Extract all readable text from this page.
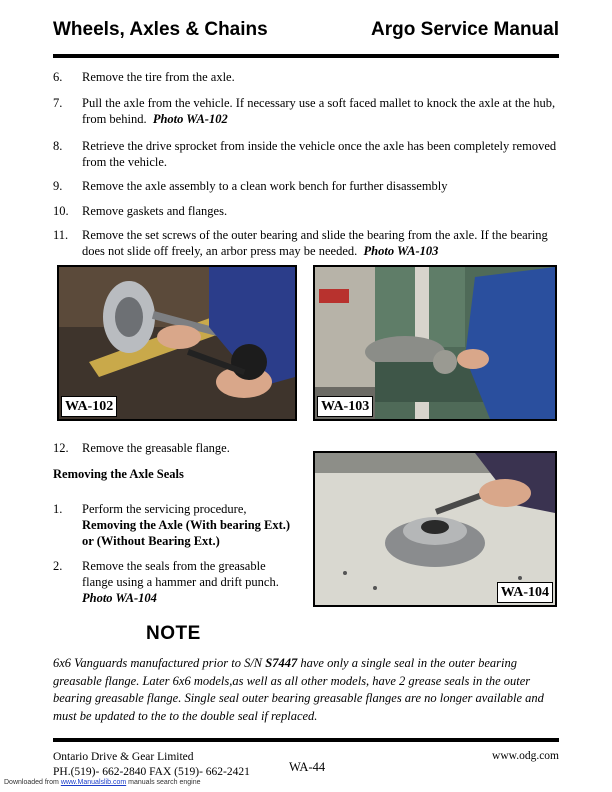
Wheels, Axles & Chains	Argo Service Manual
6. Remove the tire from the axle.
7. Pull the axle from the vehicle. If necessary use a soft faced mallet to knock the axle at the hub, from behind. Photo WA-102
8. Retrieve the drive sprocket from inside the vehicle once the axle has been completely removed from the vehicle.
9. Remove the axle assembly to a clean work bench for further disassembly
10. Remove gaskets and flanges.
11. Remove the set screws of the outer bearing and slide the bearing from the axle. If the bearing does not slide off freely, an arbor press may be needed. Photo WA-103
WA-102	WA-103
12. Remove the greasable flange.
Removing the Axle Seals
1. Perform the servicing procedure,
Removing the Axle (With bearing Ext.) or (Without Bearing Ext.)
2. Remove the seals from the greasable flange using a hammer and drift punch.  Photo WA-104	WA-104
NOTE
6x6 Vanguards manufactured prior to S/N S7447 have only a single seal in the outer bearing greasable flange. Later 6x6 models,as well as all other models, have 2 grease seals in the outer bearing greasable flange. Single seal outer bearing greasable flanges are no longer available and must be updated to the to the double seal if replaced.
Ontario Drive & Gear Limited
PH.(519)- 662-2840 FAX (519)- 662-2421	WA-44
www.odg.com
Downloaded from www.Manualslib.com manuals search engine
